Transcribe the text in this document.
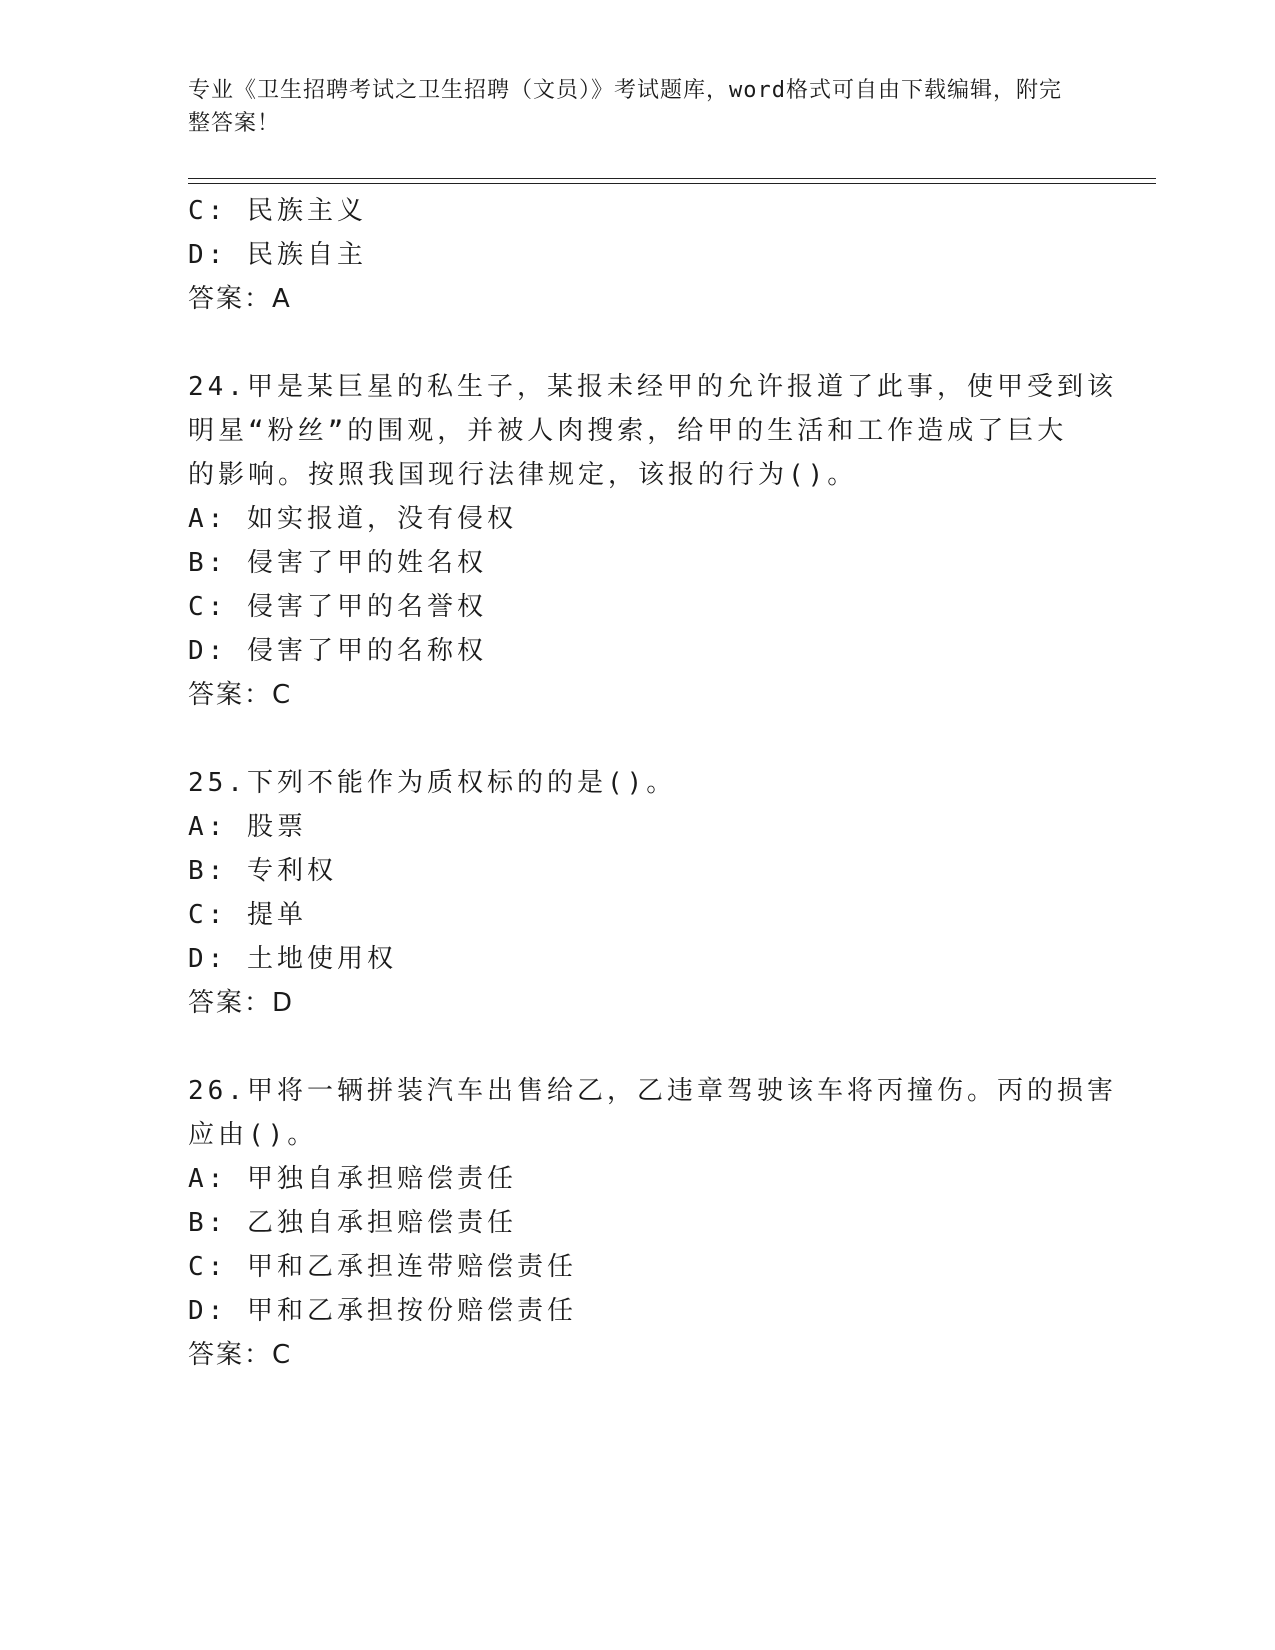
专业《卫生招聘考试之卫生招聘（文员）》考试题库，word格式可自由下载编辑，附完整答案！
C: 民族主义
D: 民族自主
答案：A
24.甲是某巨星的私生子，某报未经甲的允许报道了此事，使甲受到该
明星“粉丝”的围观，并被人肉搜索，给甲的生活和工作造成了巨大
的影响。按照我国现行法律规定，该报的行为()。
A: 如实报道，没有侵权
B: 侵害了甲的姓名权
C: 侵害了甲的名誉权
D: 侵害了甲的名称权
答案：C
25.下列不能作为质权标的的是()。
A: 股票
B: 专利权
C: 提单
D: 土地使用权
答案：D
26.甲将一辆拼装汽车出售给乙，乙违章驾驶该车将丙撞伤。丙的损害
应由()。
A: 甲独自承担赔偿责任
B: 乙独自承担赔偿责任
C: 甲和乙承担连带赔偿责任
D: 甲和乙承担按份赔偿责任
答案：C
